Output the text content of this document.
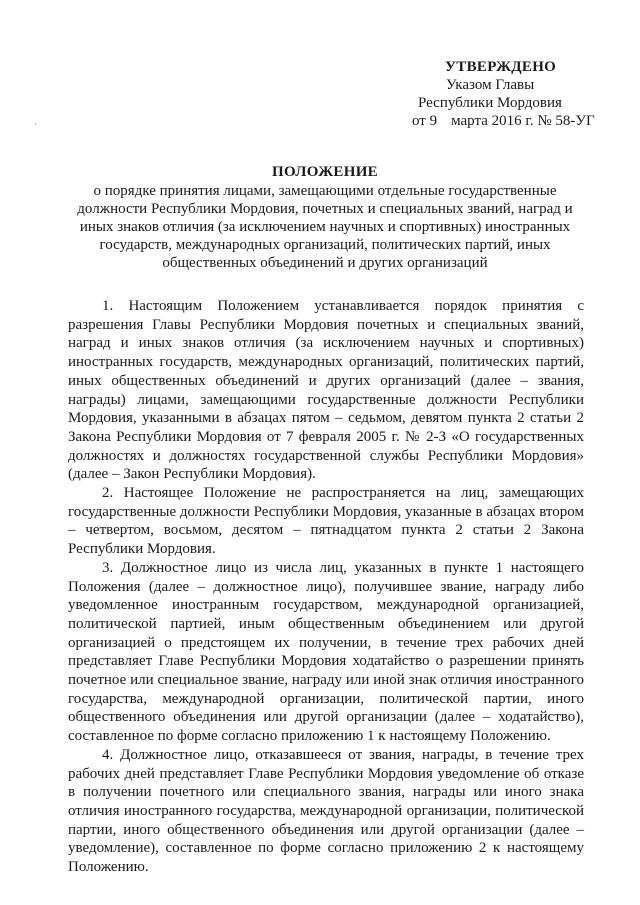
УТВЕРЖДЕНО
Указом Главы
Республики Мордовия
от 9 марта 2016 г. № 58-УГ
·
ПОЛОЖЕНИЕ
о порядке принятия лицами, замещающими отдельные государственные должности Республики Мордовия, почетных и специальных званий, наград и иных знаков отличия (за исключением научных и спортивных) иностранных государств, международных организаций, политических партий, иных общественных объединений и других организаций

1. Настоящим Положением устанавливается порядок принятия с разрешения Главы Республики Мордовия почетных и специальных званий, наград и иных знаков отличия (за исключением научных и спортивных) иностранных государств, международных организаций, политических партий, иных общественных объединений и других организаций (далее – звания, награды) лицами, замещающими государственные должности Республики Мордовия, указанными в абзацах пятом – седьмом, девятом пункта 2 статьи 2 Закона Республики Мордовия от 7 февраля 2005 г. № 2-З «О государственных должностях и должностях государственной службы Республики Мордовия» (далее – Закон Республики Мордовия).

2. Настоящее Положение не распространяется на лиц, замещающих государственные должности Республики Мордовия, указанные в абзацах втором – четвертом, восьмом, десятом – пятнадцатом пункта 2 статьи 2 Закона Республики Мордовия.

3. Должностное лицо из числа лиц, указанных в пункте 1 настоящего Положения (далее – должностное лицо), получившее звание, награду либо уведомленное иностранным государством, международной организацией, политической партией, иным общественным объединением или другой организацией о предстоящем их получении, в течение трех рабочих дней представляет Главе Республики Мордовия ходатайство о разрешении принять почетное или специальное звание, награду или иной знак отличия иностранного государства, международной организации, политической партии, иного общественного объединения или другой организации (далее – ходатайство), составленное по форме согласно приложению 1 к настоящему Положению.

4. Должностное лицо, отказавшееся от звания, награды, в течение трех рабочих дней представляет Главе Республики Мордовия уведомление об отказе в получении почетного или специального звания, награды или иного знака отличия иностранного государства, международной организации, политической партии, иного общественного объединения или другой организации (далее – уведомление), составленное по форме согласно приложению 2 к настоящему Положению.
